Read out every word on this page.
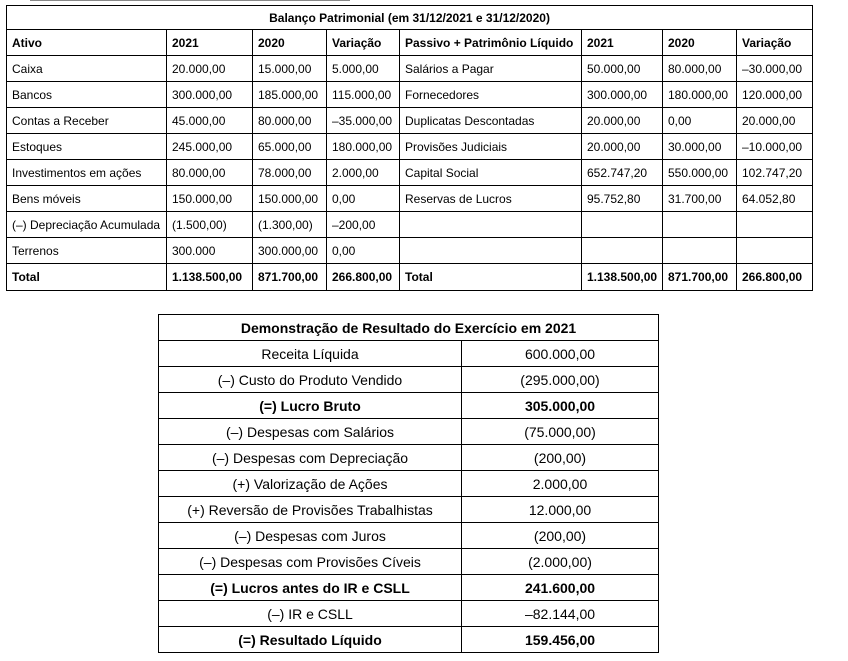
Balanço Patrimonial (em 31/12/2021 e 31/12/2020)							
Ativo	2021	2020	Variação	Passivo + Patrimônio Líquido	2021	2020	Variação
Caixa	20.000,00	15.000,00	5.000,00	Salários a Pagar	50.000,00	80.000,00	–30.000,00
Bancos	300.000,00	185.000,00	115.000,00	Fornecedores	300.000,00	180.000,00	120.000,00
Contas a Receber	45.000,00	80.000,00	–35.000,00	Duplicatas Descontadas	20.000,00	0,00	20.000,00
Estoques	245.000,00	65.000,00	180.000,00	Provisões Judiciais	20.000,00	30.000,00	–10.000,00
Investimentos em ações	80.000,00	78.000,00	2.000,00	Capital Social	652.747,20	550.000,00	102.747,20
Bens móveis	150.000,00	150.000,00	0,00	Reservas de Lucros	95.752,80	31.700,00	64.052,80
(–) Depreciação Acumulada	(1.500,00)	(1.300,00)	–200,00				
Terrenos	300.000	300.000,00	0,00				
Total	1.138.500,00	871.700,00	266.800,00	Total	1.138.500,00	871.700,00	266.800,00
Demonstração de Resultado do Exercício em 2021	
Receita Líquida	600.000,00
(–) Custo do Produto Vendido	(295.000,00)
(=) Lucro Bruto	305.000,00
(–) Despesas com Salários	(75.000,00)
(–) Despesas com Depreciação	(200,00)
(+) Valorização de Ações	2.000,00
(+) Reversão de Provisões Trabalhistas	12.000,00
(–) Despesas com Juros	(200,00)
(–) Despesas com Provisões Cíveis	(2.000,00)
(=) Lucros antes do IR e CSLL	241.600,00
(–) IR e CSLL	–82.144,00
(=) Resultado Líquido	159.456,00
